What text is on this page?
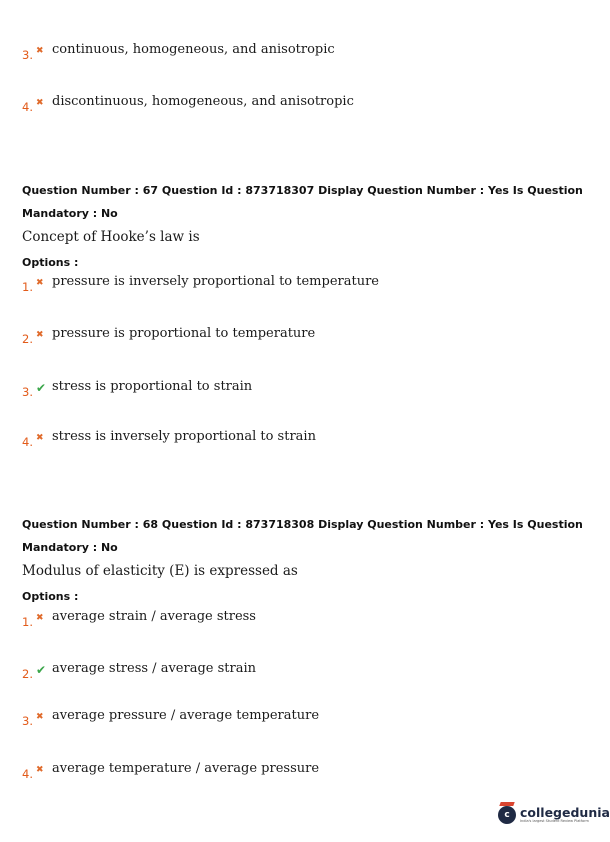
3. ✖ continuous, homogeneous, and anisotropic
4. ✖ discontinuous, homogeneous, and anisotropic
Question Number : 67 Question Id : 873718307 Display Question Number : Yes Is Question
Mandatory : No
Concept of Hooke’s law is
Options :
1. ✖ pressure is inversely proportional to temperature
2. ✖ pressure is proportional to temperature
3. ✔ stress is proportional to strain
4. ✖ stress is inversely proportional to strain
Question Number : 68 Question Id : 873718308 Display Question Number : Yes Is Question
Mandatory : No
Modulus of elasticity (E) is expressed as
Options :
1. ✖ average strain / average stress
2. ✔ average stress / average strain
3. ✖ average pressure / average temperature
4. ✖ average temperature / average pressure
c collegedunia
India's largest Student Review Platform
